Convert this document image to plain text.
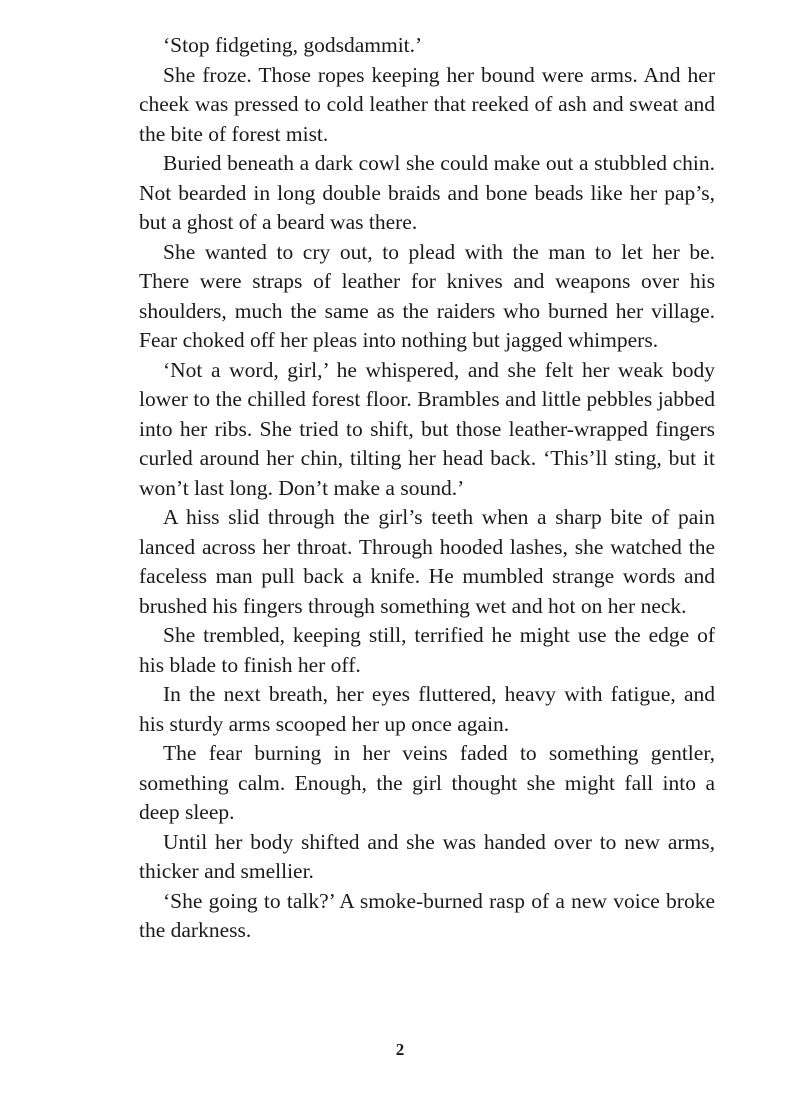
‘Stop fidgeting, godsdammit.’

She froze. Those ropes keeping her bound were arms. And her cheek was pressed to cold leather that reeked of ash and sweat and the bite of forest mist.

Buried beneath a dark cowl she could make out a stubbled chin. Not bearded in long double braids and bone beads like her pap’s, but a ghost of a beard was there.

She wanted to cry out, to plead with the man to let her be. There were straps of leather for knives and weapons over his shoulders, much the same as the raiders who burned her village. Fear choked off her pleas into nothing but jagged whimpers.

‘Not a word, girl,’ he whispered, and she felt her weak body lower to the chilled forest floor. Brambles and little pebbles jabbed into her ribs. She tried to shift, but those leather-wrapped fingers curled around her chin, tilting her head back. ‘This’ll sting, but it won’t last long. Don’t make a sound.’

A hiss slid through the girl’s teeth when a sharp bite of pain lanced across her throat. Through hooded lashes, she watched the faceless man pull back a knife. He mumbled strange words and brushed his fingers through something wet and hot on her neck.

She trembled, keeping still, terrified he might use the edge of his blade to finish her off.

In the next breath, her eyes fluttered, heavy with fatigue, and his sturdy arms scooped her up once again.

The fear burning in her veins faded to something gentler, something calm. Enough, the girl thought she might fall into a deep sleep.

Until her body shifted and she was handed over to new arms, thicker and smellier.

‘She going to talk?’ A smoke-burned rasp of a new voice broke the darkness.

2
